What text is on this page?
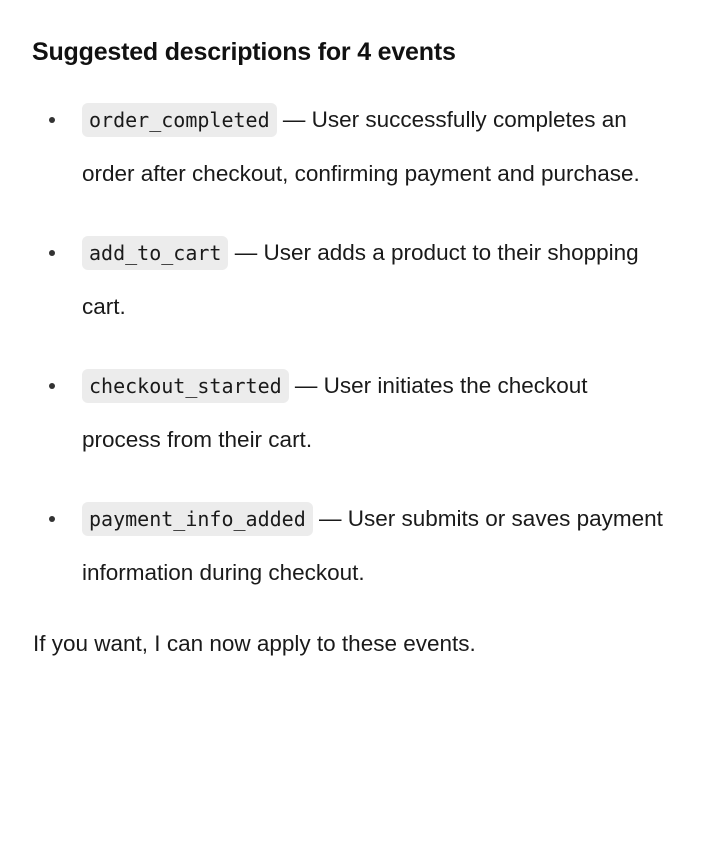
Suggested descriptions for 4 events
order_completed — User successfully completes an order after checkout, confirming payment and purchase.
add_to_cart — User adds a product to their shopping cart.
checkout_started — User initiates the checkout process from their cart.
payment_info_added — User submits or saves payment information during checkout.

If you want, I can now apply to these events.
